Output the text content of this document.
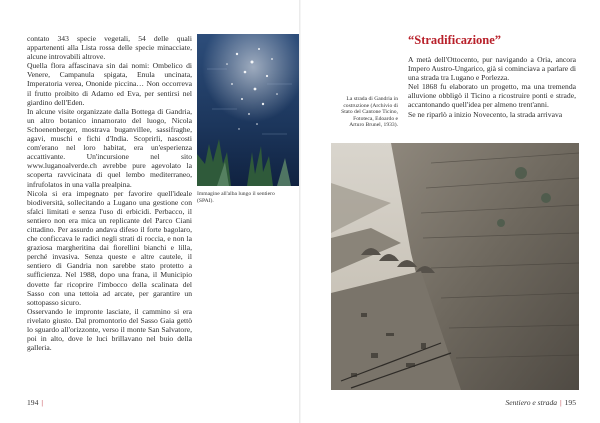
contato 343 specie vegetali, 54 delle quali appartenenti alla Lista rossa delle specie minacciate, alcune introvabili altrove.

Quella flora affascinava sin dai nomi: Ombelico di Venere, Campanula spigata, Enula uncinata, Imperatoria verea, Ononide piccina… Non occorreva il frutto proibito di Adamo ed Eva, per sentirsi nel giardino dell'Eden.

In alcune visite organizzate dalla Bottega di Gandria, un altro botanico innamorato del luogo, Nicola Schoenenberger, mostrava buganvillee, sassifraghe, agavi, muschi e fichi d'India. Scoprirli, nascosti com'erano nel loro habitat, era un'esperienza accattivante. Un'incursione nel sito www.luganoalverde.ch avrebbe pure agevolato la scoperta ravvicinata di quel lembo mediterraneo, infrufolatos in una valla prealpina.

Nicola si era impegnato per favorire quell'ideale biodiversità, sollecitando a Lugano una gestione con sfalci limitati e senza l'uso di erbicidi. Perbacco, il sentiero non era mica un replicante del Parco Ciani cittadino. Per assurdo andava difeso il forte bagolaro, che conficcava le radici negli strati di roccia, e non la graziosa margheritina dai fiorellini bianchi e lilla, perché invasiva. Senza queste e altre cautele, il sentiero di Gandria non sarebbe stato protetto a sufficienza. Nel 1988, dopo una frana, il Municipio dovette far ricoprire l'imbocco della scalinata del Sasso con una tettoia ad arcate, per garantire un sottopasso sicuro.

Osservando le impronte lasciate, il cammino si era rivelato giusto. Dal promontorio del Sasso Gaia gettò lo sguardo all'orizzonte, verso il monte San Salvatore, poi in alto, dove le luci brillavano nel buio della galleria.

Immagine all'alba lungo il sentiero (SPAI).
194 |
“Stradificazione”

A metà dell'Ottocento, pur navigando a Oria, ancora Impero Austro-Ungarico, già si cominciava a parlare di una strada tra Lugano e Porlezza.

Nel 1868 fu elaborato un progetto, ma una tremenda alluvione obbligò il Ticino a ricostruire ponti e strade, accantonando quell'idea per almeno trent'anni.

Se ne riparlò a inizio Novecento, la strada arrivava

La strada di Gandria in costruzione (Archivio di Stato del Cantone Ticino, Fototeca, Edoardo e Arturo Brunel, 1933).
Sentiero e strada | 195
